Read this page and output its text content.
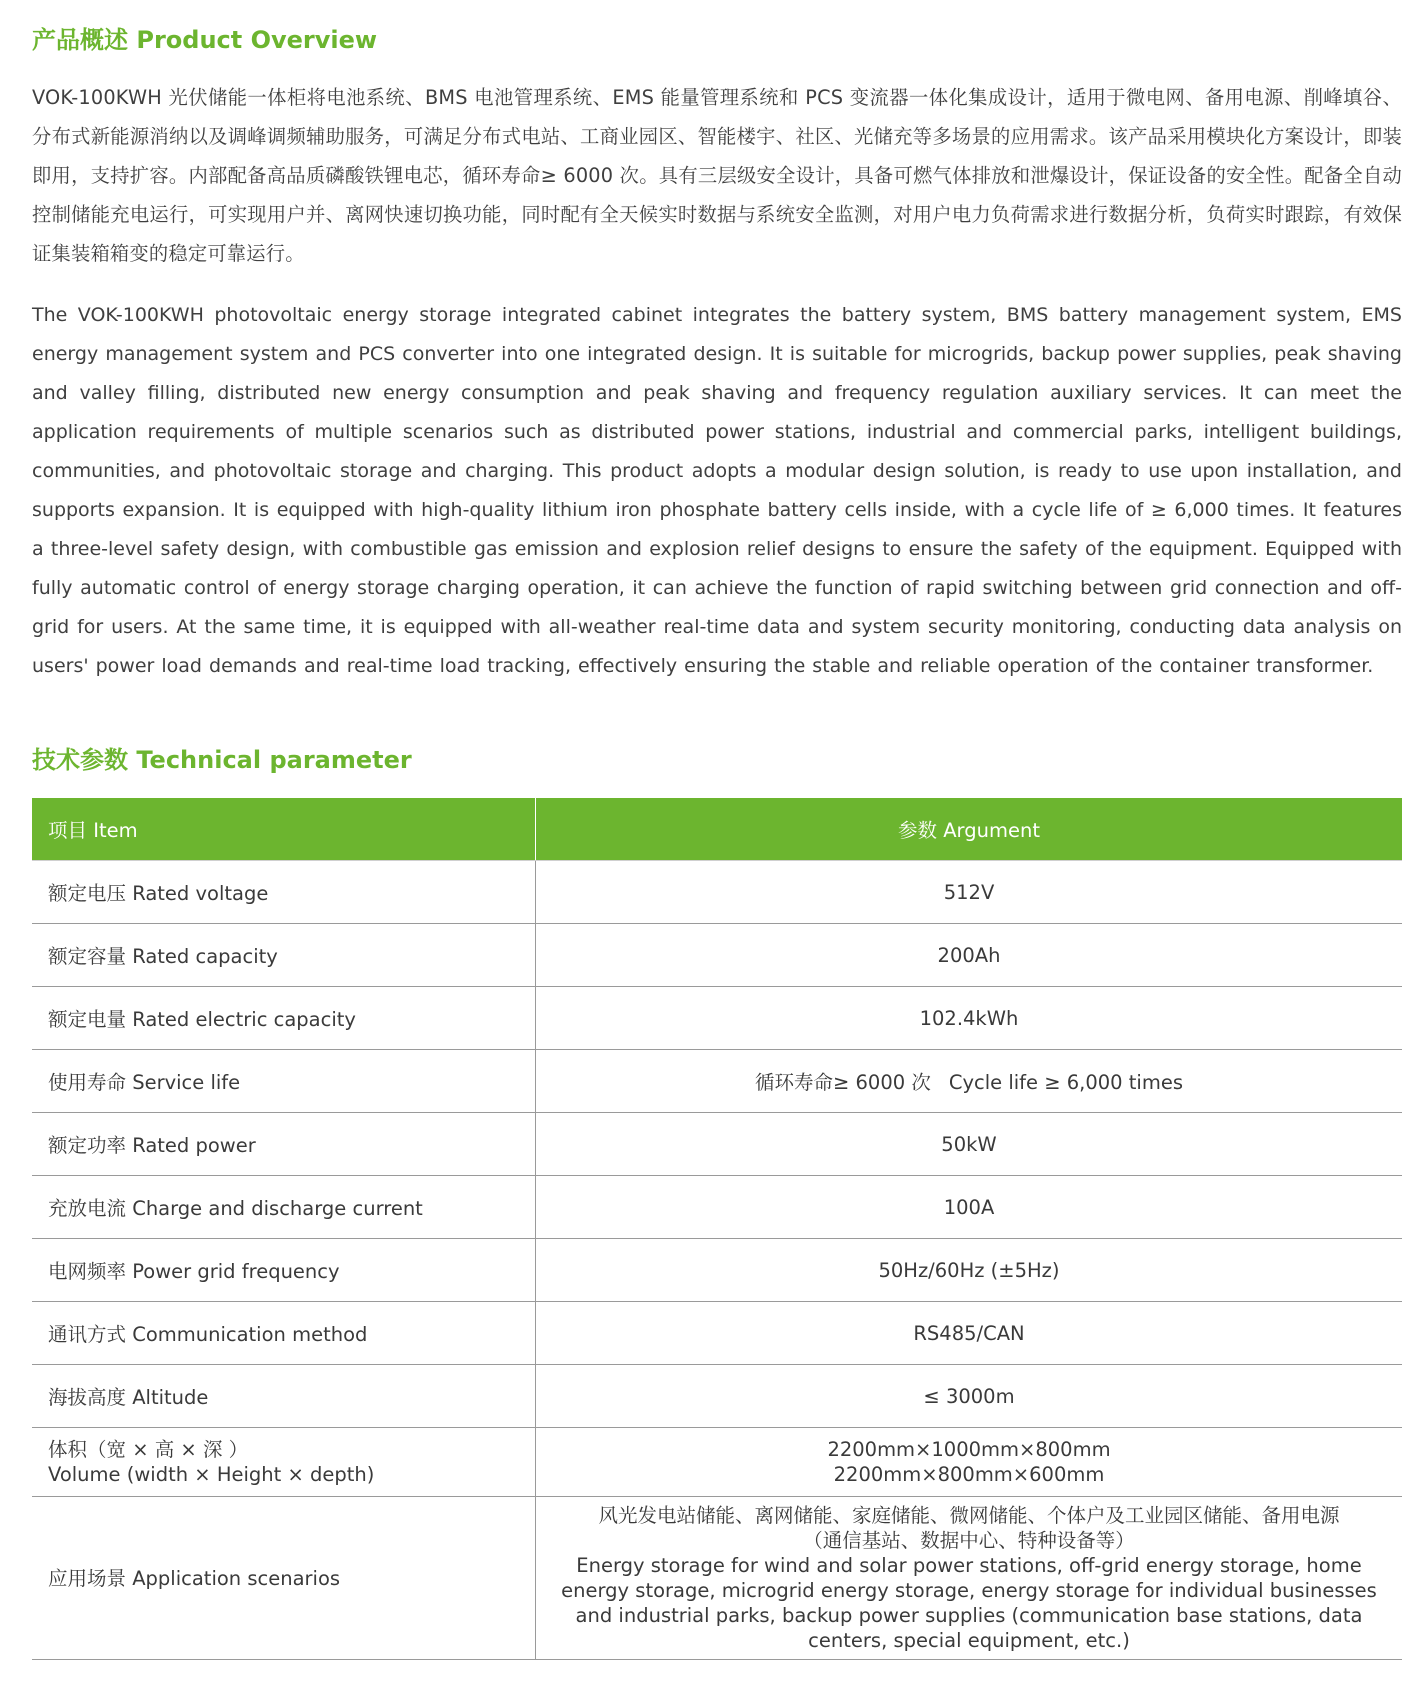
产品概述 Product Overview

VOK-100KWH 光伏储能一体柜将电池系统、BMS 电池管理系统、EMS 能量管理系统和 PCS 变流器一体化集成设计，适用于微电网、备用电源、削峰填谷、分布式新能源消纳以及调峰调频辅助服务，可满足分布式电站、工商业园区、智能楼宇、社区、光储充等多场景的应用需求。该产品采用模块化方案设计，即装即用，支持扩容。内部配备高品质磷酸铁锂电芯，循环寿命≥ 6000 次。具有三层级安全设计，具备可燃气体排放和泄爆设计，保证设备的安全性。配备全自动控制储能充电运行，可实现用户并、离网快速切换功能，同时配有全天候实时数据与系统安全监测，对用户电力负荷需求进行数据分析，负荷实时跟踪，有效保证集装箱箱变的稳定可靠运行。

The VOK-100KWH photovoltaic energy storage integrated cabinet integrates the battery system, BMS battery management system, EMS energy management system and PCS converter into one integrated design. It is suitable for microgrids, backup power supplies, peak shaving and valley filling, distributed new energy consumption and peak shaving and frequency regulation auxiliary services. It can meet the application requirements of multiple scenarios such as distributed power stations, industrial and commercial parks, intelligent buildings, communities, and photovoltaic storage and charging. This product adopts a modular design solution, is ready to use upon installation, and supports expansion. It is equipped with high-quality lithium iron phosphate battery cells inside, with a cycle life of ≥ 6,000 times. It features a three-level safety design, with combustible gas emission and explosion relief designs to ensure the safety of the equipment. Equipped with fully automatic control of energy storage charging operation, it can achieve the function of rapid switching between grid connection and off-grid for users. At the same time, it is equipped with all-weather real-time data and system security monitoring, conducting data analysis on users' power load demands and real-time load tracking, effectively ensuring the stable and reliable operation of the container transformer.

技术参数 Technical parameter
项目 Item	参数 Argument
额定电压 Rated voltage	512V
额定容量 Rated capacity	200Ah
额定电量 Rated electric capacity	102.4kWh
使用寿命 Service life	循环寿命≥ 6000 次 Cycle life ≥ 6,000 times
额定功率 Rated power	50kW
充放电流 Charge and discharge current	100A
电网频率 Power grid frequency	50Hz/60Hz (±5Hz)
通讯方式 Communication method	RS485/CAN
海拔高度 Altitude	≤ 3000m

体积（宽 × 高 × 深 ）
Volume (width × Height × depth)	2200mm×1000mm×800mm
2200mm×800mm×600mm

应用场景 Application scenarios	风光发电站储能、离网储能、家庭储能、微网储能、个体户及工业园区储能、备用电源
（通信基站、数据中心、特种设备等）
Energy storage for wind and solar power stations, off-grid energy storage, home energy storage, microgrid energy storage, energy storage for individual businesses and industrial parks, backup power supplies (communication base stations, data centers, special equipment, etc.)
